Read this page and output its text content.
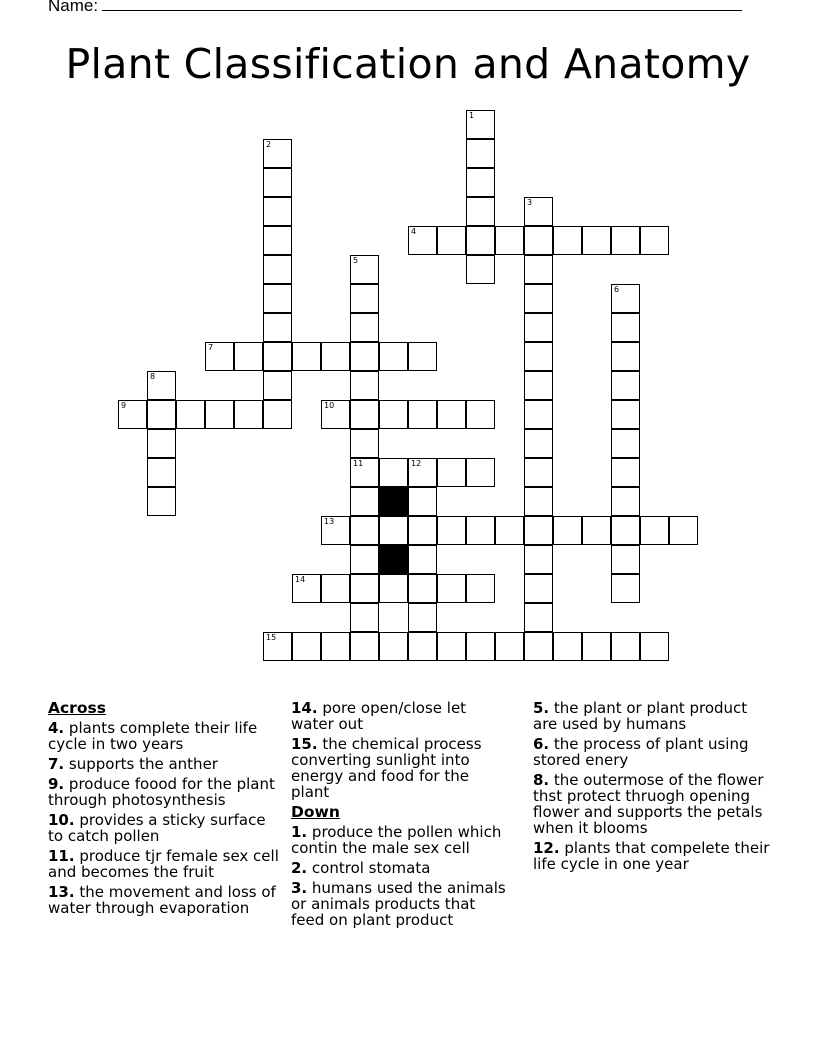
Name:
Plant Classification and Anatomy
1
2
3
4
5
11
6
7
8
9	10
12
13
14
15
Across
4. plants complete their life cycle in two years
7. supports the anther
9. produce foood for the plant through photosynthesis
10. provides a sticky surface to catch pollen
11. produce tjr female sex cell and becomes the fruit
13. the movement and loss of water through evaporation
14. pore open/close let water out
15. the chemical process converting sunlight into energy and food for the plant
Down
1. produce the pollen which contin the male sex cell
2. control stomata
3. humans used the animals or animals products that feed on plant product
5. the plant or plant product are used by humans
6. the process of plant using stored enery
8. the outermose of the flower thst protect thruogh opening flower and supports the petals when it blooms
12. plants that compelete their life cycle in one year
